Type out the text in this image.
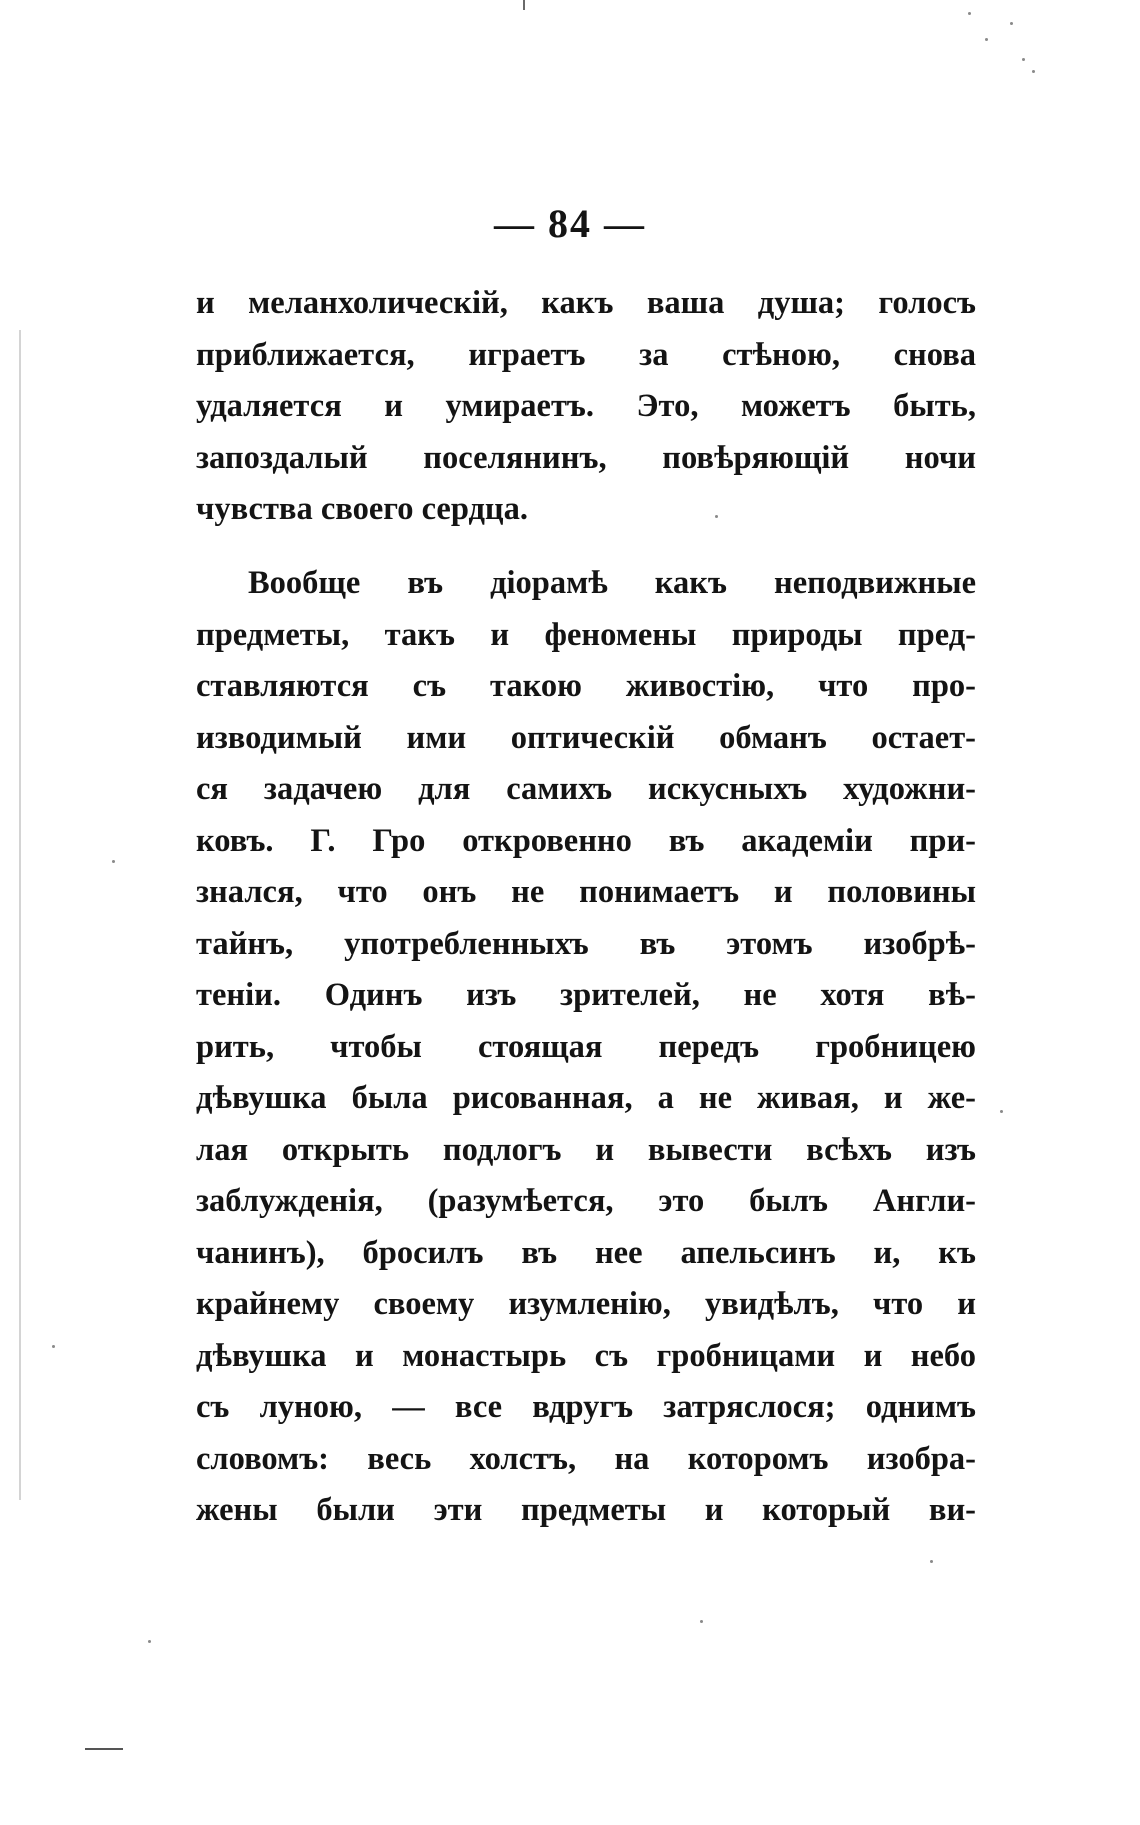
— 84 —
и меланхолическій, какъ ваша душа; голосъ
приближается, играетъ за стѣною, снова
удаляется и умираетъ. Это, можетъ быть,
запоздалый поселянинъ, повѣряющій ночи
чувства своего сердца.
Вообще въ діорамѣ какъ неподвижные
предметы, такъ и феномены природы пред-
ставляются съ такою живостію, что про-
изводимый ими оптическій обманъ остает-
ся задачею для самихъ искусныхъ художни-
ковъ. Г. Гро откровенно въ академіи при-
знался, что онъ не понимаетъ и половины
тайнъ, употребленныхъ въ этомъ изобрѣ-
теніи. Одинъ изъ зрителей, не хотя вѣ-
рить, чтобы стоящая передъ гробницею
дѣвушка была рисованная, а не живая, и же-
лая открыть подлогъ и вывести всѣхъ изъ
заблужденія, (разумѣется, это былъ Англи-
чанинъ), бросилъ въ нее апельсинъ и, къ
крайнему своему изумленію, увидѣлъ, что и
дѣвушка и монастырь съ гробницами и небо
съ луною, — все вдругъ затряслося; однимъ
словомъ: весь холстъ, на которомъ изобра-
жены были эти предметы и который ви-
